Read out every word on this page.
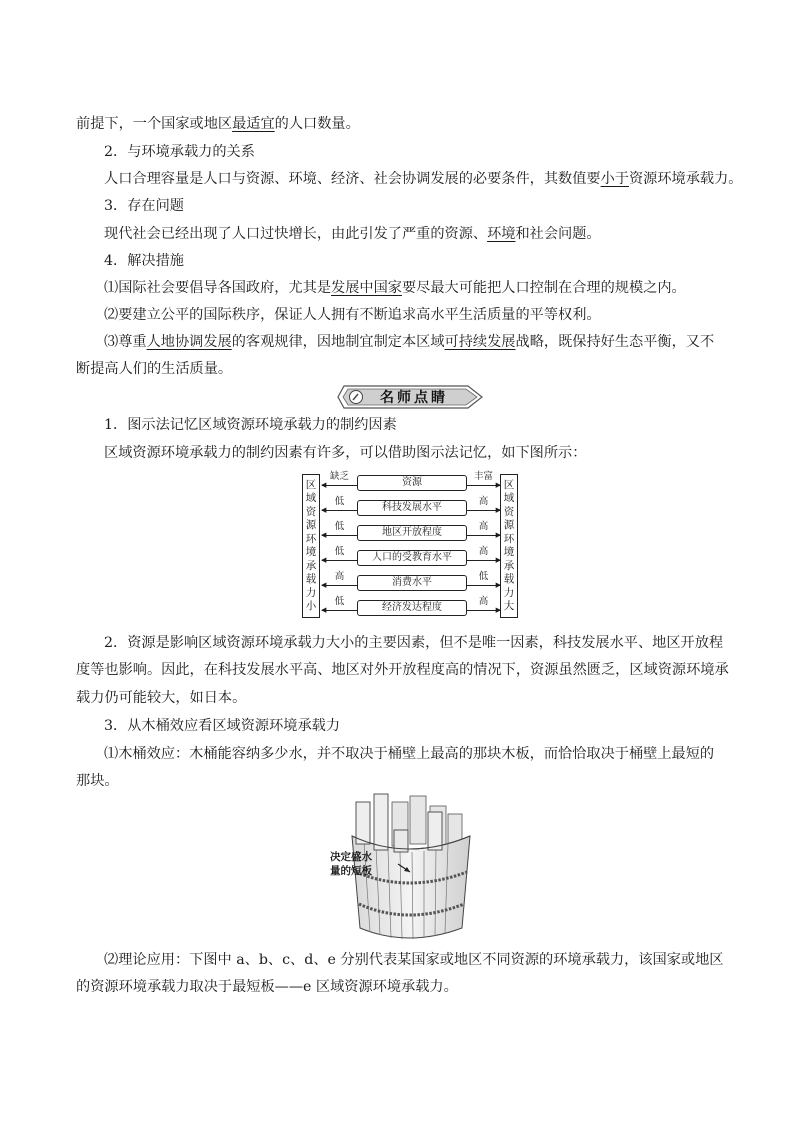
前提下，一个国家或地区最适宜的人口数量。
2．与环境承载力的关系
人口合理容量是人口与资源、环境、经济、社会协调发展的必要条件，其数值要小于资源环境承载力。
3．存在问题
现代社会已经出现了人口过快增长，由此引发了严重的资源、环境和社会问题。
4．解决措施
⑴国际社会要倡导各国政府，尤其是发展中国家要尽最大可能把人口控制在合理的规模之内。
⑵要建立公平的国际秩序，保证人人拥有不断追求高水平生活质量的平等权利。
⑶尊重人地协调发展的客观规律，因地制宜制定本区域可持续发展战略，既保持好生态平衡，又不
断提高人们的生活质量。
名师点睛
1．图示法记忆区域资源环境承载力的制约因素
区域资源环境承载力的制约因素有许多，可以借助图示法记忆，如下图所示：
区
域
资
源
环
境
承
载
力
小
区
域
资
源
环
境
承
载
力
大
缺乏
◀	资源
丰富
▶
低
◀	科技发展水平
高
▶
低
◀	地区开放程度
高
▶
低
◀	人口的受教育水平
高
▶
高
◀	消费水平
低
▶
低
◀	经济发达程度
高
▶
2．资源是影响区域资源环境承载力大小的主要因素，但不是唯一因素，科技发展水平、地区开放程
度等也影响。因此，在科技发展水平高、地区对外开放程度高的情况下，资源虽然匮乏，区域资源环境承
载力仍可能较大，如日本。
3．从木桶效应看区域资源环境承载力
⑴木桶效应：木桶能容纳多少水，并不取决于桶壁上最高的那块木板，而恰恰取决于桶壁上最短的
那块。
决定盛水
量的短板
⑵理论应用：下图中 a、b、c、d、e 分别代表某国家或地区不同资源的环境承载力，该国家或地区
的资源环境承载力取决于最短板——e 区域资源环境承载力。
